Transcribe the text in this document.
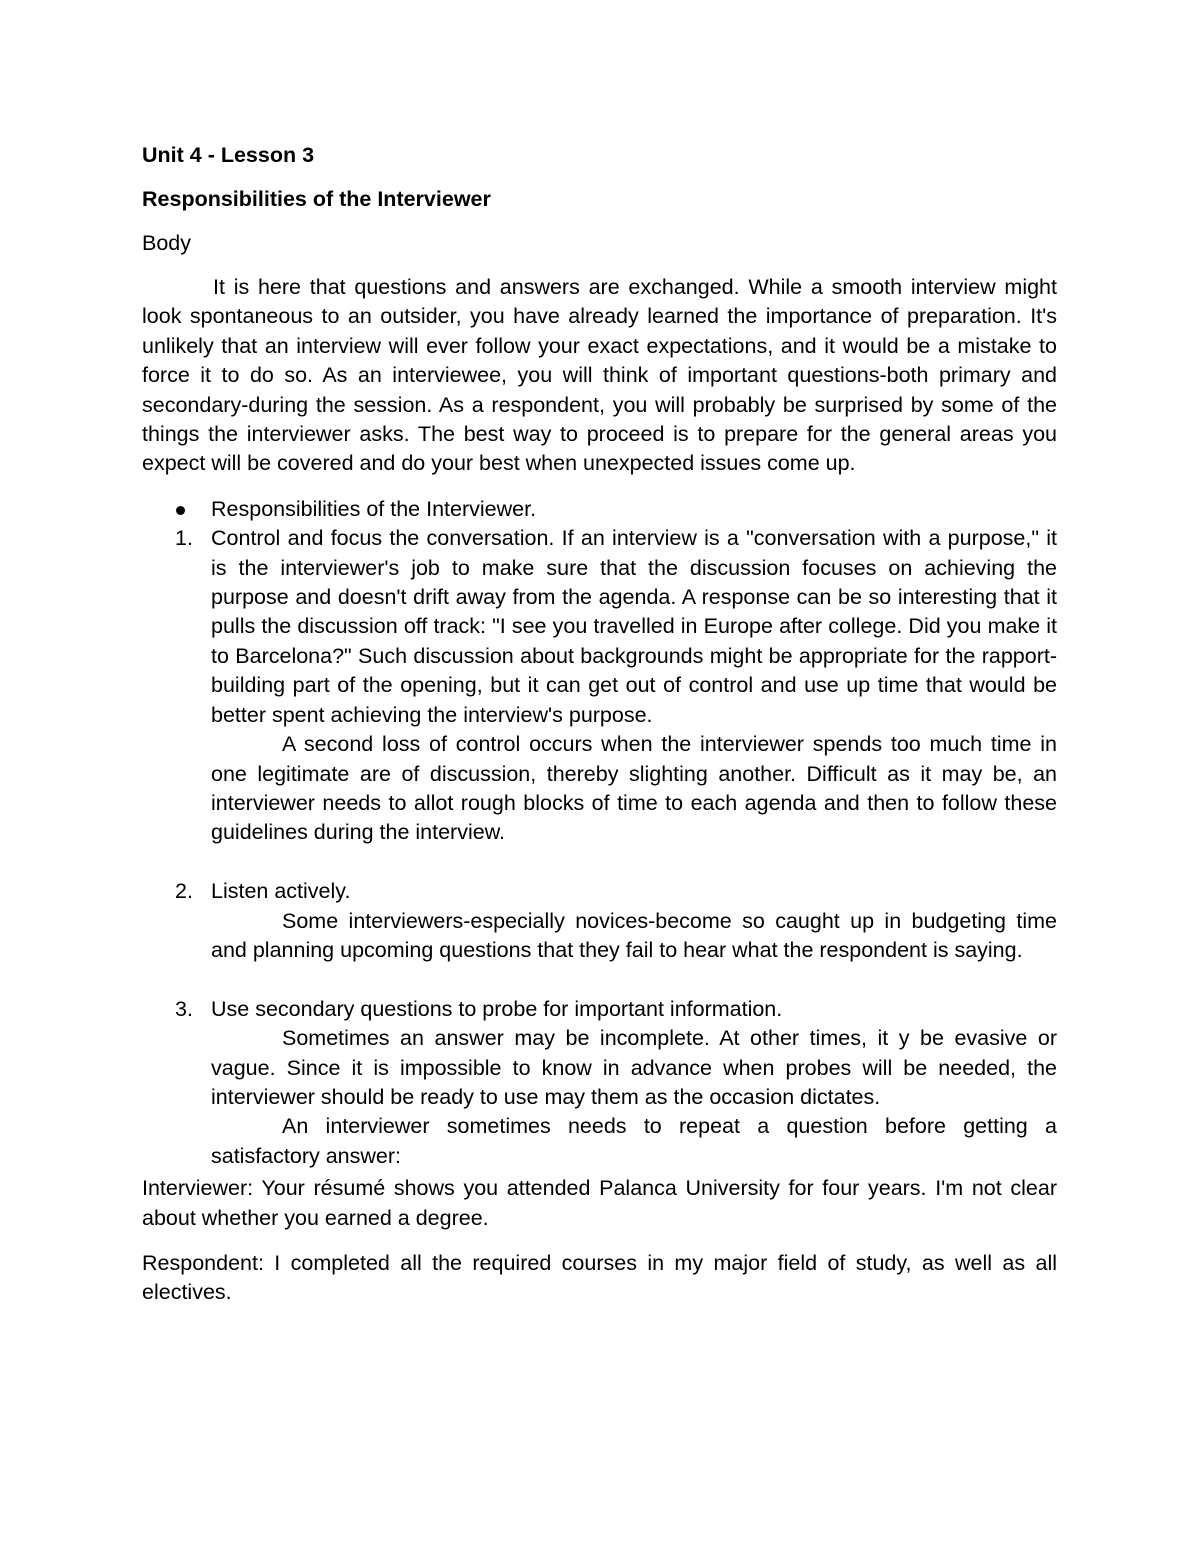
Unit 4 - Lesson 3

Responsibilities of the Interviewer

Body

It is here that questions and answers are exchanged. While a smooth interview might look spontaneous to an outsider, you have already learned the importance of preparation. It's unlikely that an interview will ever follow your exact expectations, and it would be a mistake to force it to do so. As an interviewee, you will think of important questions-both primary and secondary-during the session. As a respondent, you will probably be surprised by some of the things the interviewer asks. The best way to proceed is to prepare for the general areas you expect will be covered and do your best when unexpected issues come up.

Responsibilities of the Interviewer.

1. Control and focus the conversation. If an interview is a "conversation with a purpose," it is the interviewer's job to make sure that the discussion focuses on achieving the purpose and doesn't drift away from the agenda. A response can be so interesting that it pulls the discussion off track: "I see you travelled in Europe after college. Did you make it to Barcelona?" Such discussion about backgrounds might be appropriate for the rapport-building part of the opening, but it can get out of control and use up time that would be better spent achieving the interview's purpose.

A second loss of control occurs when the interviewer spends too much time in one legitimate are of discussion, thereby slighting another. Difficult as it may be, an interviewer needs to allot rough blocks of time to each agenda and then to follow these guidelines during the interview.

2. Listen actively.

Some interviewers-especially novices-become so caught up in budgeting time and planning upcoming questions that they fail to hear what the respondent is saying.

3. Use secondary questions to probe for important information.

Sometimes an answer may be incomplete. At other times, it y be evasive or vague. Since it is impossible to know in advance when probes will be needed, the interviewer should be ready to use may them as the occasion dictates.

An interviewer sometimes needs to repeat a question before getting a satisfactory answer:

Interviewer: Your résumé shows you attended Palanca University for four years. I'm not clear about whether you earned a degree.

Respondent: I completed all the required courses in my major field of study, as well as all electives.
